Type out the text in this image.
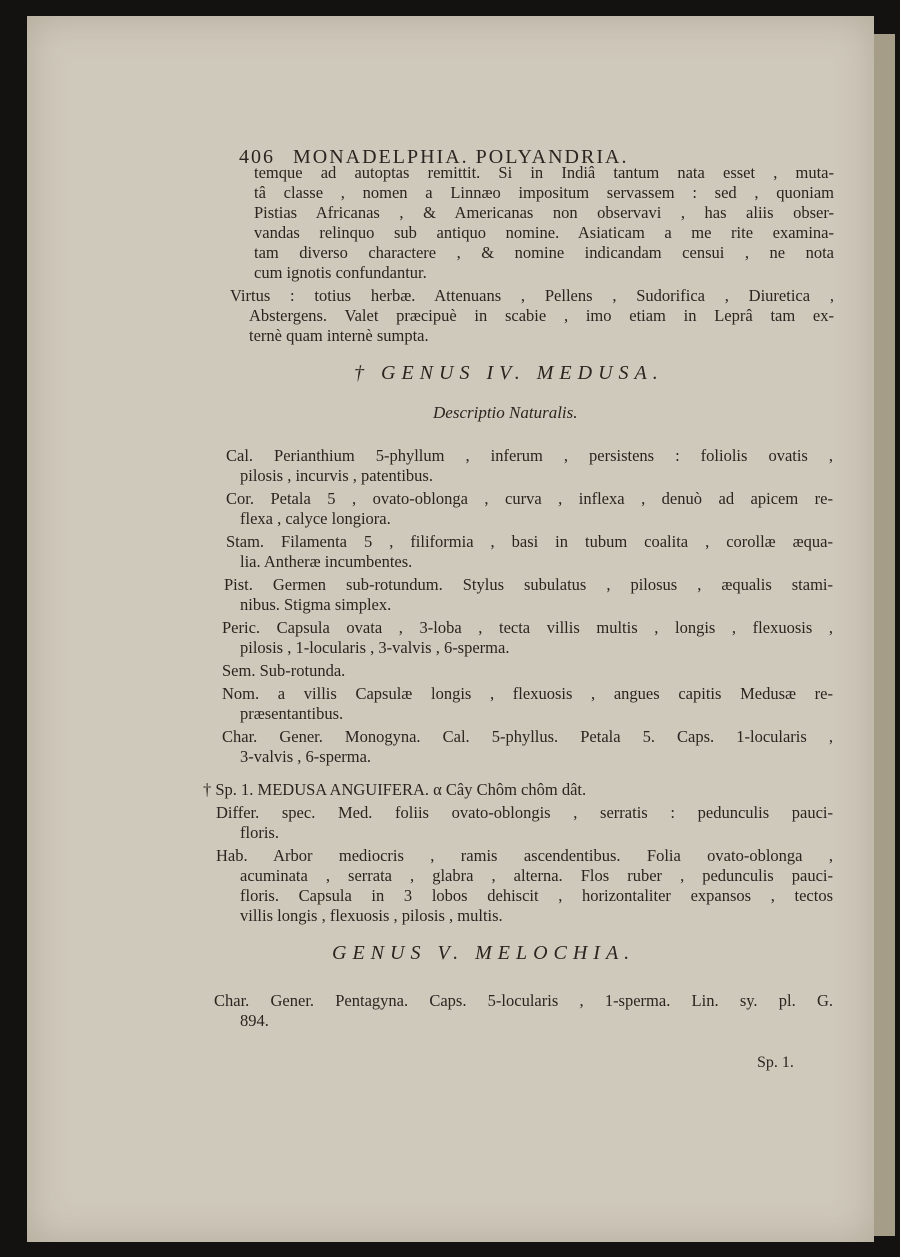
406 MONADELPHIA. POLYANDRIA.
temque ad autoptas remittit. Si in Indiâ tantum nata esset , muta-
tâ classe , nomen a Linnæo impositum servassem : sed , quoniam
Pistias Africanas , & Americanas non observavi , has aliis obser-
vandas relinquo sub antiquo nomine. Asiaticam a me rite examina-
tam diverso charactere , & nomine indicandam censui , ne nota
cum ignotis confundantur.
Virtus : totius herbæ. Attenuans , Pellens , Sudorifica , Diuretica ,
Abstergens. Valet præcipuè in scabie , imo etiam in Leprâ tam ex-
ternè quam internè sumpta.
† GENUS IV. MEDUSA.
Descriptio Naturalis.
Cal. Perianthium 5-phyllum , inferum , persistens : foliolis ovatis ,
pilosis , incurvis , patentibus.
Cor. Petala 5 , ovato-oblonga , curva , inflexa , denuò ad apicem re-
flexa , calyce longiora.
Stam. Filamenta 5 , filiformia , basi in tubum coalita , corollæ æqua-
lia. Antheræ incumbentes.
Pist. Germen sub-rotundum. Stylus subulatus , pilosus , æqualis stami-
nibus. Stigma simplex.
Peric. Capsula ovata , 3-loba , tecta villis multis , longis , flexuosis ,
pilosis , 1-locularis , 3-valvis , 6-sperma.
Sem. Sub-rotunda.
Nom. a villis Capsulæ longis , flexuosis , angues capitis Medusæ re-
præsentantibus.
Char. Gener. Monogyna. Cal. 5-phyllus. Petala 5. Caps. 1-locularis ,
3-valvis , 6-sperma.
† Sp. 1. MEDUSA ANGUIFERA. α Cây Chôm chôm dât.
Differ. spec. Med. foliis ovato-oblongis , serratis : pedunculis pauci-
floris.
Hab. Arbor mediocris , ramis ascendentibus. Folia ovato-oblonga ,
acuminata , serrata , glabra , alterna. Flos ruber , pedunculis pauci-
floris. Capsula in 3 lobos dehiscit , horizontaliter expansos , tectos
villis longis , flexuosis , pilosis , multis.
GENUS V. MELOCHIA.
Char. Gener. Pentagyna. Caps. 5-locularis , 1-sperma. Lin. sy. pl. G.
894.
Sp. 1.
